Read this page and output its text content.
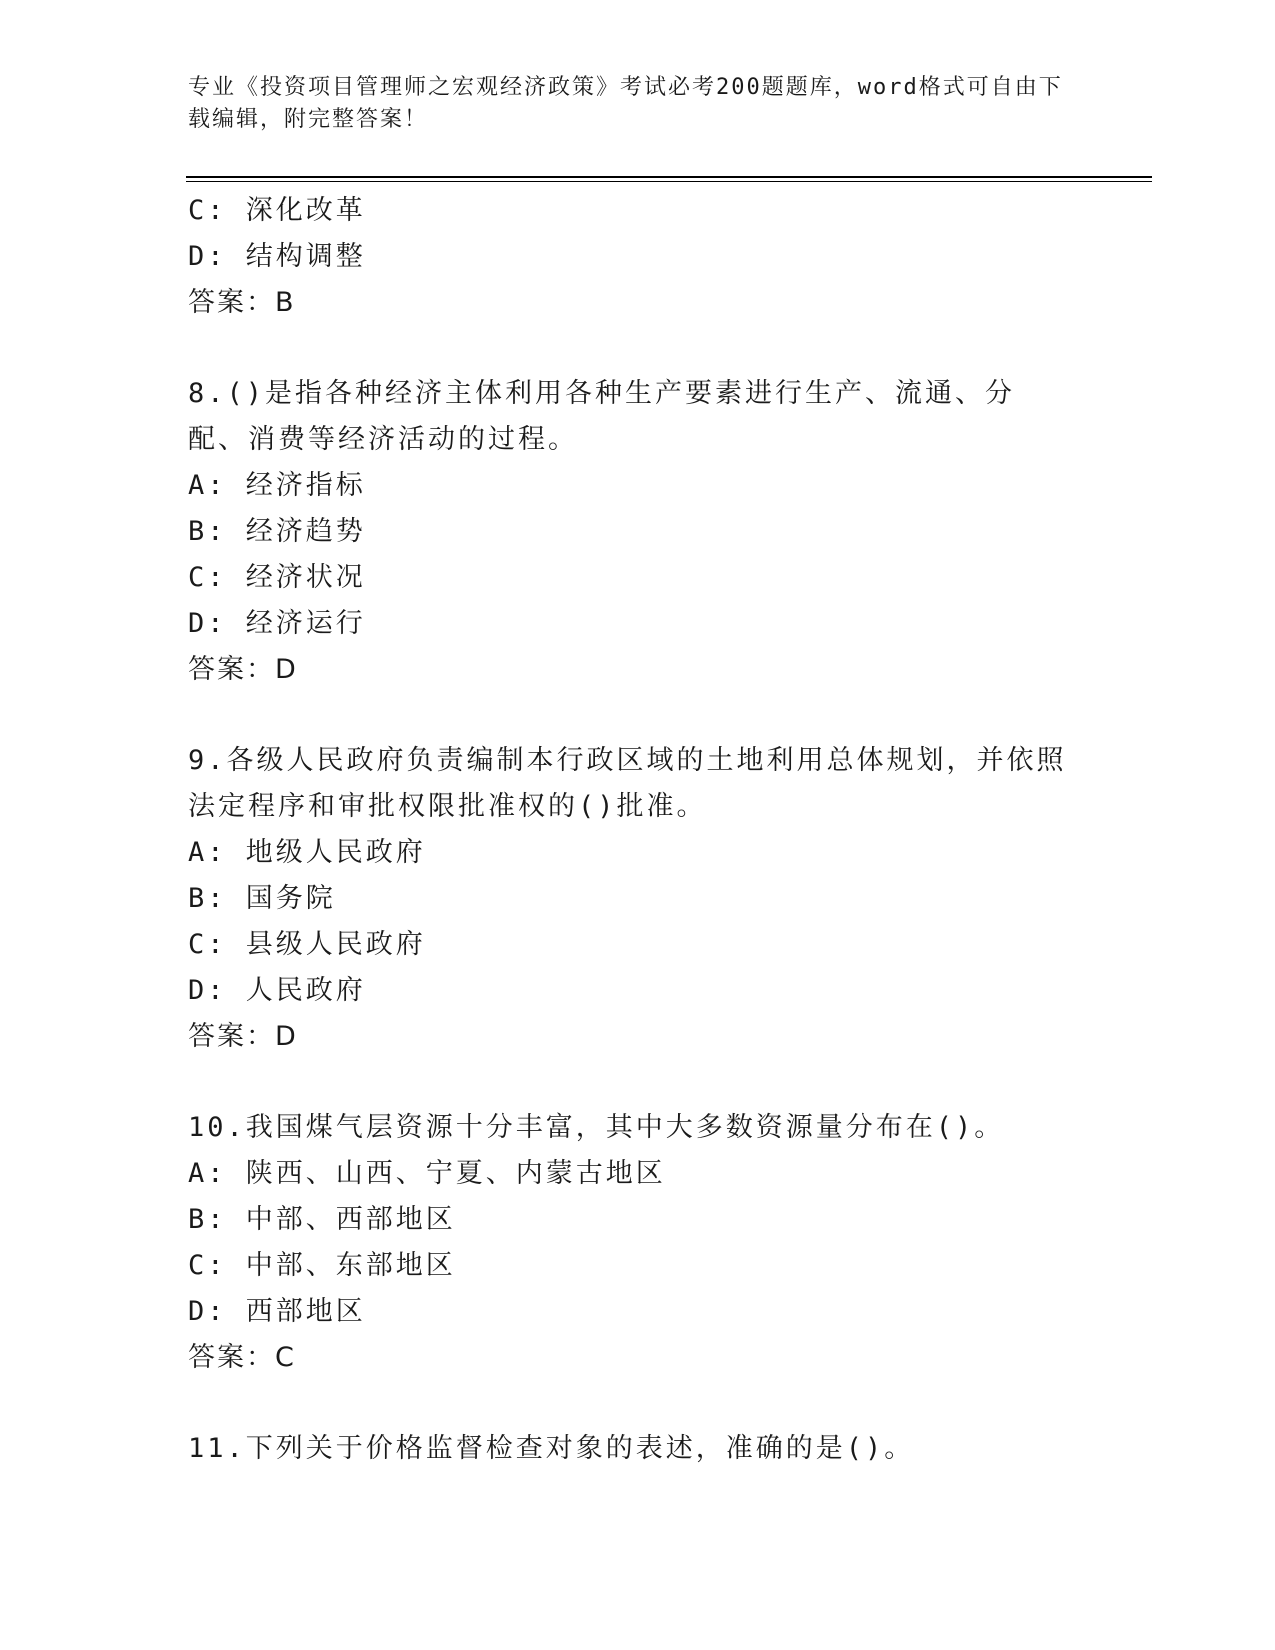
专业《投资项目管理师之宏观经济政策》考试必考200题题库，word格式可自由下载编辑，附完整答案！
C: 深化改革
D: 结构调整
答案：B
8.()是指各种经济主体利用各种生产要素进行生产、流通、分配、消费等经济活动的过程。
A: 经济指标
B: 经济趋势
C: 经济状况
D: 经济运行
答案：D
9.各级人民政府负责编制本行政区域的土地利用总体规划，并依照法定程序和审批权限批准权的()批准。
A: 地级人民政府
B: 国务院
C: 县级人民政府
D: 人民政府
答案：D
10.我国煤气层资源十分丰富，其中大多数资源量分布在()。
A: 陕西、山西、宁夏、内蒙古地区
B: 中部、西部地区
C: 中部、东部地区
D: 西部地区
答案：C
11.下列关于价格监督检查对象的表述，准确的是()。
